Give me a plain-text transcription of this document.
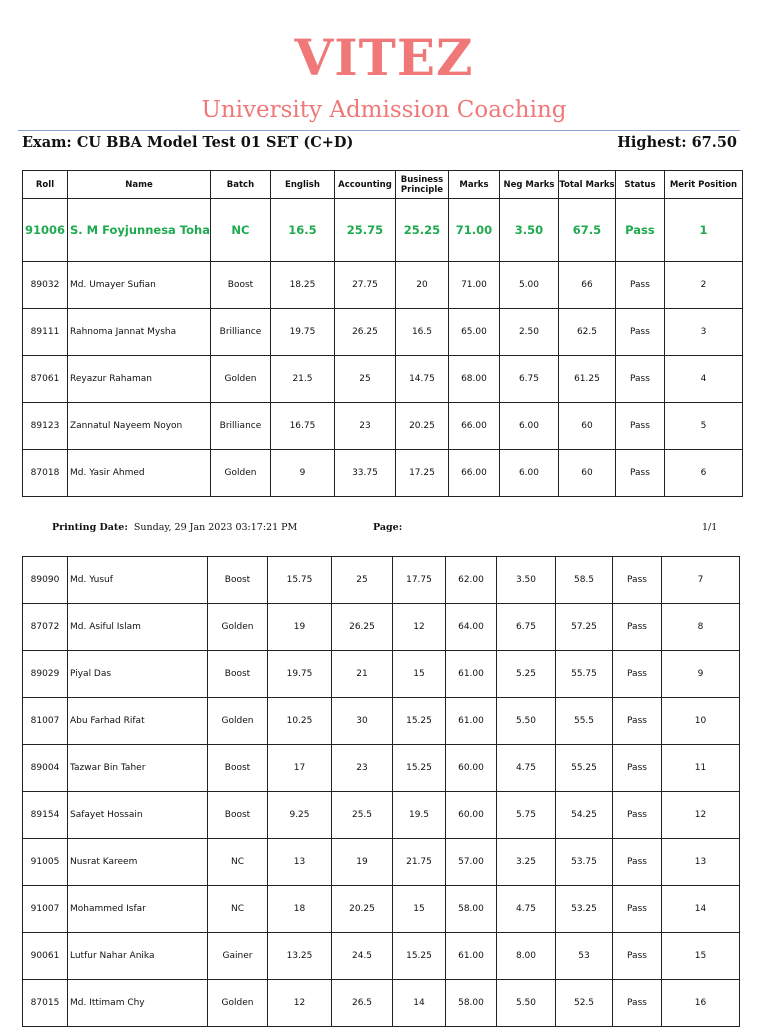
VITEZ
University Admission Coaching
Exam: CU BBA Model Test 01 SET (C+D)	Highest: 67.50
Roll	Name	Batch	English	Accounting	Business Principle	Marks	Neg Marks	Total Marks	Status	Merit Position
91006	S. M Foyjunnesa Toha	NC	16.5	25.75	25.25	71.00	3.50	67.5	Pass	1
89032	Md. Umayer Sufian	Boost	18.25	27.75	20	71.00	5.00	66	Pass	2
89111	Rahnoma Jannat Mysha	Brilliance	19.75	26.25	16.5	65.00	2.50	62.5	Pass	3
87061	Reyazur Rahaman	Golden	21.5	25	14.75	68.00	6.75	61.25	Pass	4
89123	Zannatul Nayeem Noyon	Brilliance	16.75	23	20.25	66.00	6.00	60	Pass	5
87018	Md. Yasir Ahmed	Golden	9	33.75	17.25	66.00	6.00	60	Pass	6
Printing Date: Sunday, 29 Jan 2023 03:17:21 PM	Page:	1/1
89090	Md. Yusuf	Boost	15.75	25	17.75	62.00	3.50	58.5	Pass	7
87072	Md. Asiful Islam	Golden	19	26.25	12	64.00	6.75	57.25	Pass	8
89029	Piyal Das	Boost	19.75	21	15	61.00	5.25	55.75	Pass	9
81007	Abu Farhad Rifat	Golden	10.25	30	15.25	61.00	5.50	55.5	Pass	10
89004	Tazwar Bin Taher	Boost	17	23	15.25	60.00	4.75	55.25	Pass	11
89154	Safayet Hossain	Boost	9.25	25.5	19.5	60.00	5.75	54.25	Pass	12
91005	Nusrat Kareem	NC	13	19	21.75	57.00	3.25	53.75	Pass	13
91007	Mohammed Isfar	NC	18	20.25	15	58.00	4.75	53.25	Pass	14
90061	Lutfur Nahar Anika	Gainer	13.25	24.5	15.25	61.00	8.00	53	Pass	15
87015	Md. Ittimam Chy	Golden	12	26.5	14	58.00	5.50	52.5	Pass	16
